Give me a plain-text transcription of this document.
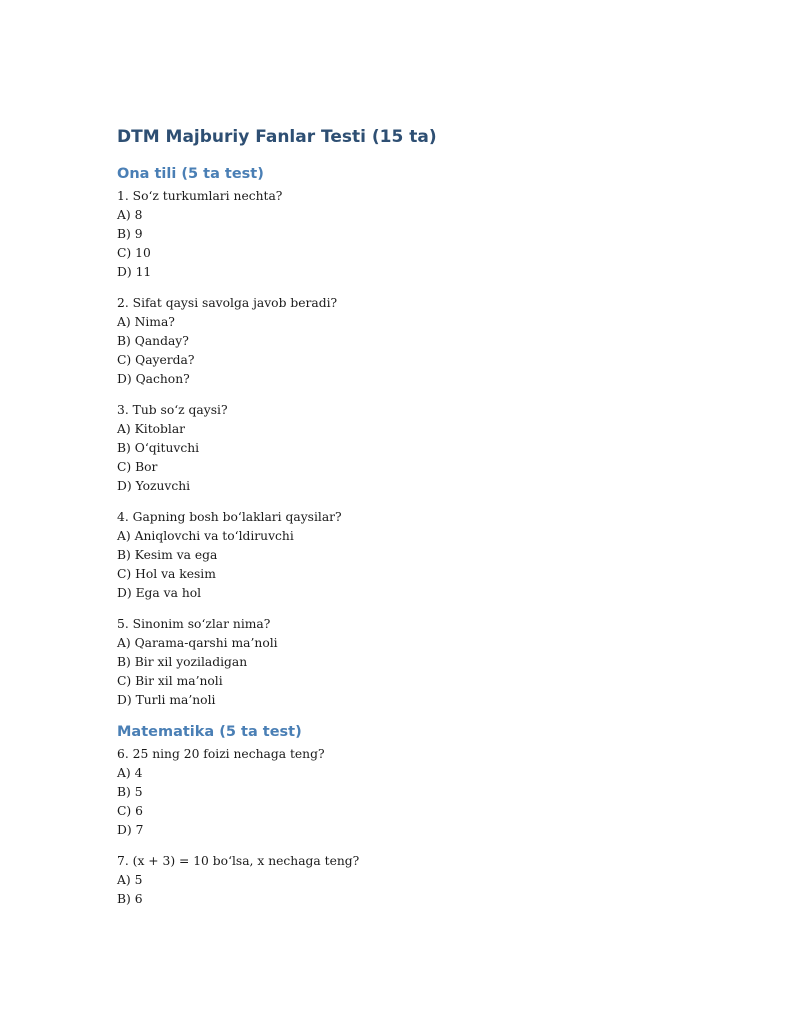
DTM Majburiy Fanlar Testi (15 ta)
Ona tili (5 ta test)
1. So‘z turkumlari nechta?
A) 8
B) 9
C) 10
D) 11
2. Sifat qaysi savolga javob beradi?
A) Nima?
B) Qanday?
C) Qayerda?
D) Qachon?
3. Tub so‘z qaysi?
A) Kitoblar
B) O‘qituvchi
C) Bor
D) Yozuvchi
4. Gapning bosh bo‘laklari qaysilar?
A) Aniqlovchi va to‘ldiruvchi
B) Kesim va ega
C) Hol va kesim
D) Ega va hol
5. Sinonim so‘zlar nima?
A) Qarama-qarshi ma’noli
B) Bir xil yoziladigan
C) Bir xil ma’noli
D) Turli ma’noli
Matematika (5 ta test)
6. 25 ning 20 foizi nechaga teng?
A) 4
B) 5
C) 6
D) 7
7. (x + 3) = 10 bo‘lsa, x nechaga teng?
A) 5
B) 6
